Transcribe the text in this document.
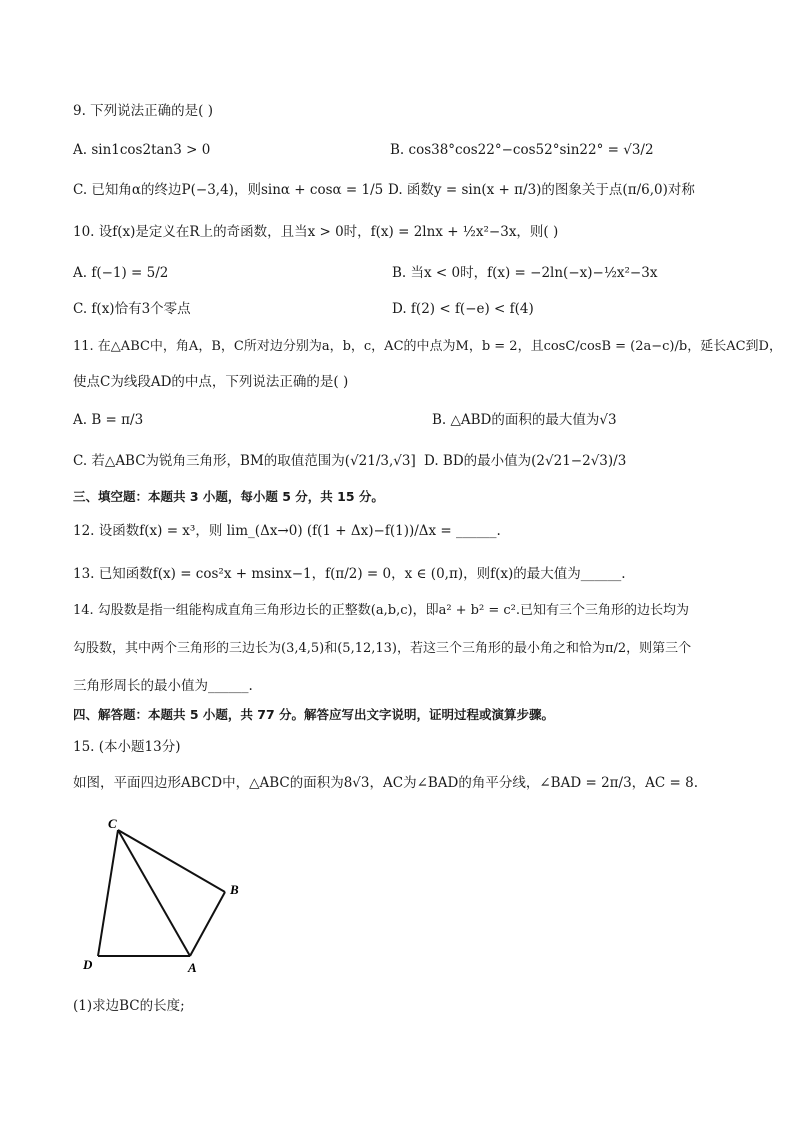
9. 下列说法正确的是( )
A. sin1cos2tan3 > 0	B. cos38°cos22°−cos52°sin22° = √3/2
C. 已知角α的终边P(−3,4)，则sinα + cosα = 1/5 D. 函数y = sin(x + π/3)的图象关于点(π/6,0)对称
10. 设f(x)是定义在R上的奇函数，且当x > 0时，f(x) = 2lnx + ½x²−3x，则( )
A. f(−1) = 5/2	B. 当x < 0时，f(x) = −2ln(−x)−½x²−3x
C. f(x)恰有3个零点	D. f(2) < f(−e) < f(4)
11. 在△ABC中，角A，B，C所对边分别为a，b，c，AC的中点为M，b = 2，且cosC/cosB = (2a−c)/b，延长AC到D，
使点C为线段AD的中点，下列说法正确的是( )
A. B = π/3	B. △ABD的面积的最大值为√3
C. 若△ABC为锐角三角形，BM的取值范围为(√21/3,√3] D. BD的最小值为(2√21−2√3)/3
三、填空题：本题共 3 小题，每小题 5 分，共 15 分。
12. 设函数f(x) = x³，则 lim_(Δx→0) (f(1 + Δx)−f(1))/Δx = ______.
13. 已知函数f(x) = cos²x + msinx−1，f(π/2) = 0，x ∈ (0,π)，则f(x)的最大值为______.
14. 勾股数是指一组能构成直角三角形边长的正整数(a,b,c)，即a² + b² = c².已知有三个三角形的边长均为
勾股数，其中两个三角形的三边长为(3,4,5)和(5,12,13)，若这三个三角形的最小角之和恰为π/2，则第三个
三角形周长的最小值为______.
四、解答题：本题共 5 小题，共 77 分。解答应写出文字说明，证明过程或演算步骤。
15. (本小题13分)
如图，平面四边形ABCD中，△ABC的面积为8√3，AC为∠BAD的角平分线，∠BAD = 2π/3，AC = 8.
C
B
D	A
(1)求边BC的长度;
